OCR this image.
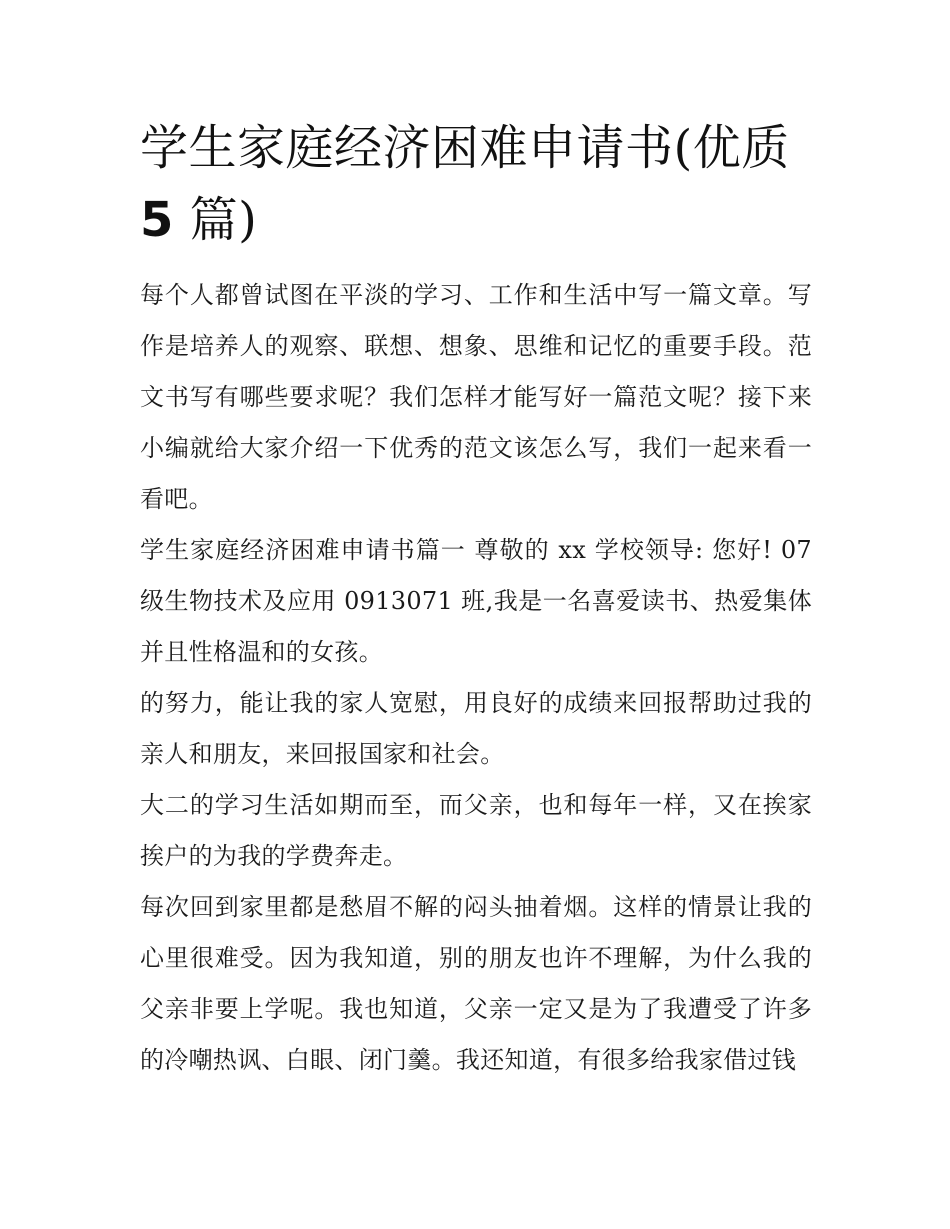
学生家庭经济困难申请书(优质
5 篇)

每个人都曾试图在平淡的学习、工作和生活中写一篇文章。写作是培养人的观察、联想、想象、思维和记忆的重要手段。范文书写有哪些要求呢？我们怎样才能写好一篇范文呢？接下来小编就给大家介绍一下优秀的范文该怎么写，我们一起来看一看吧。

学生家庭经济困难申请书篇一 尊敬的 xx 学校领导: 您好! 07 级生物技术及应用 0913071 班,我是一名喜爱读书、热爱集体并且性格温和的女孩。

的努力，能让我的家人宽慰，用良好的成绩来回报帮助过我的亲人和朋友，来回报国家和社会。

大二的学习生活如期而至，而父亲，也和每年一样，又在挨家挨户的为我的学费奔走。

每次回到家里都是愁眉不解的闷头抽着烟。这样的情景让我的心里很难受。因为我知道，别的朋友也许不理解，为什么我的父亲非要上学呢。我也知道，父亲一定又是为了我遭受了许多的冷嘲热讽、白眼、闭门羹。我还知道，有很多给我家借过钱
